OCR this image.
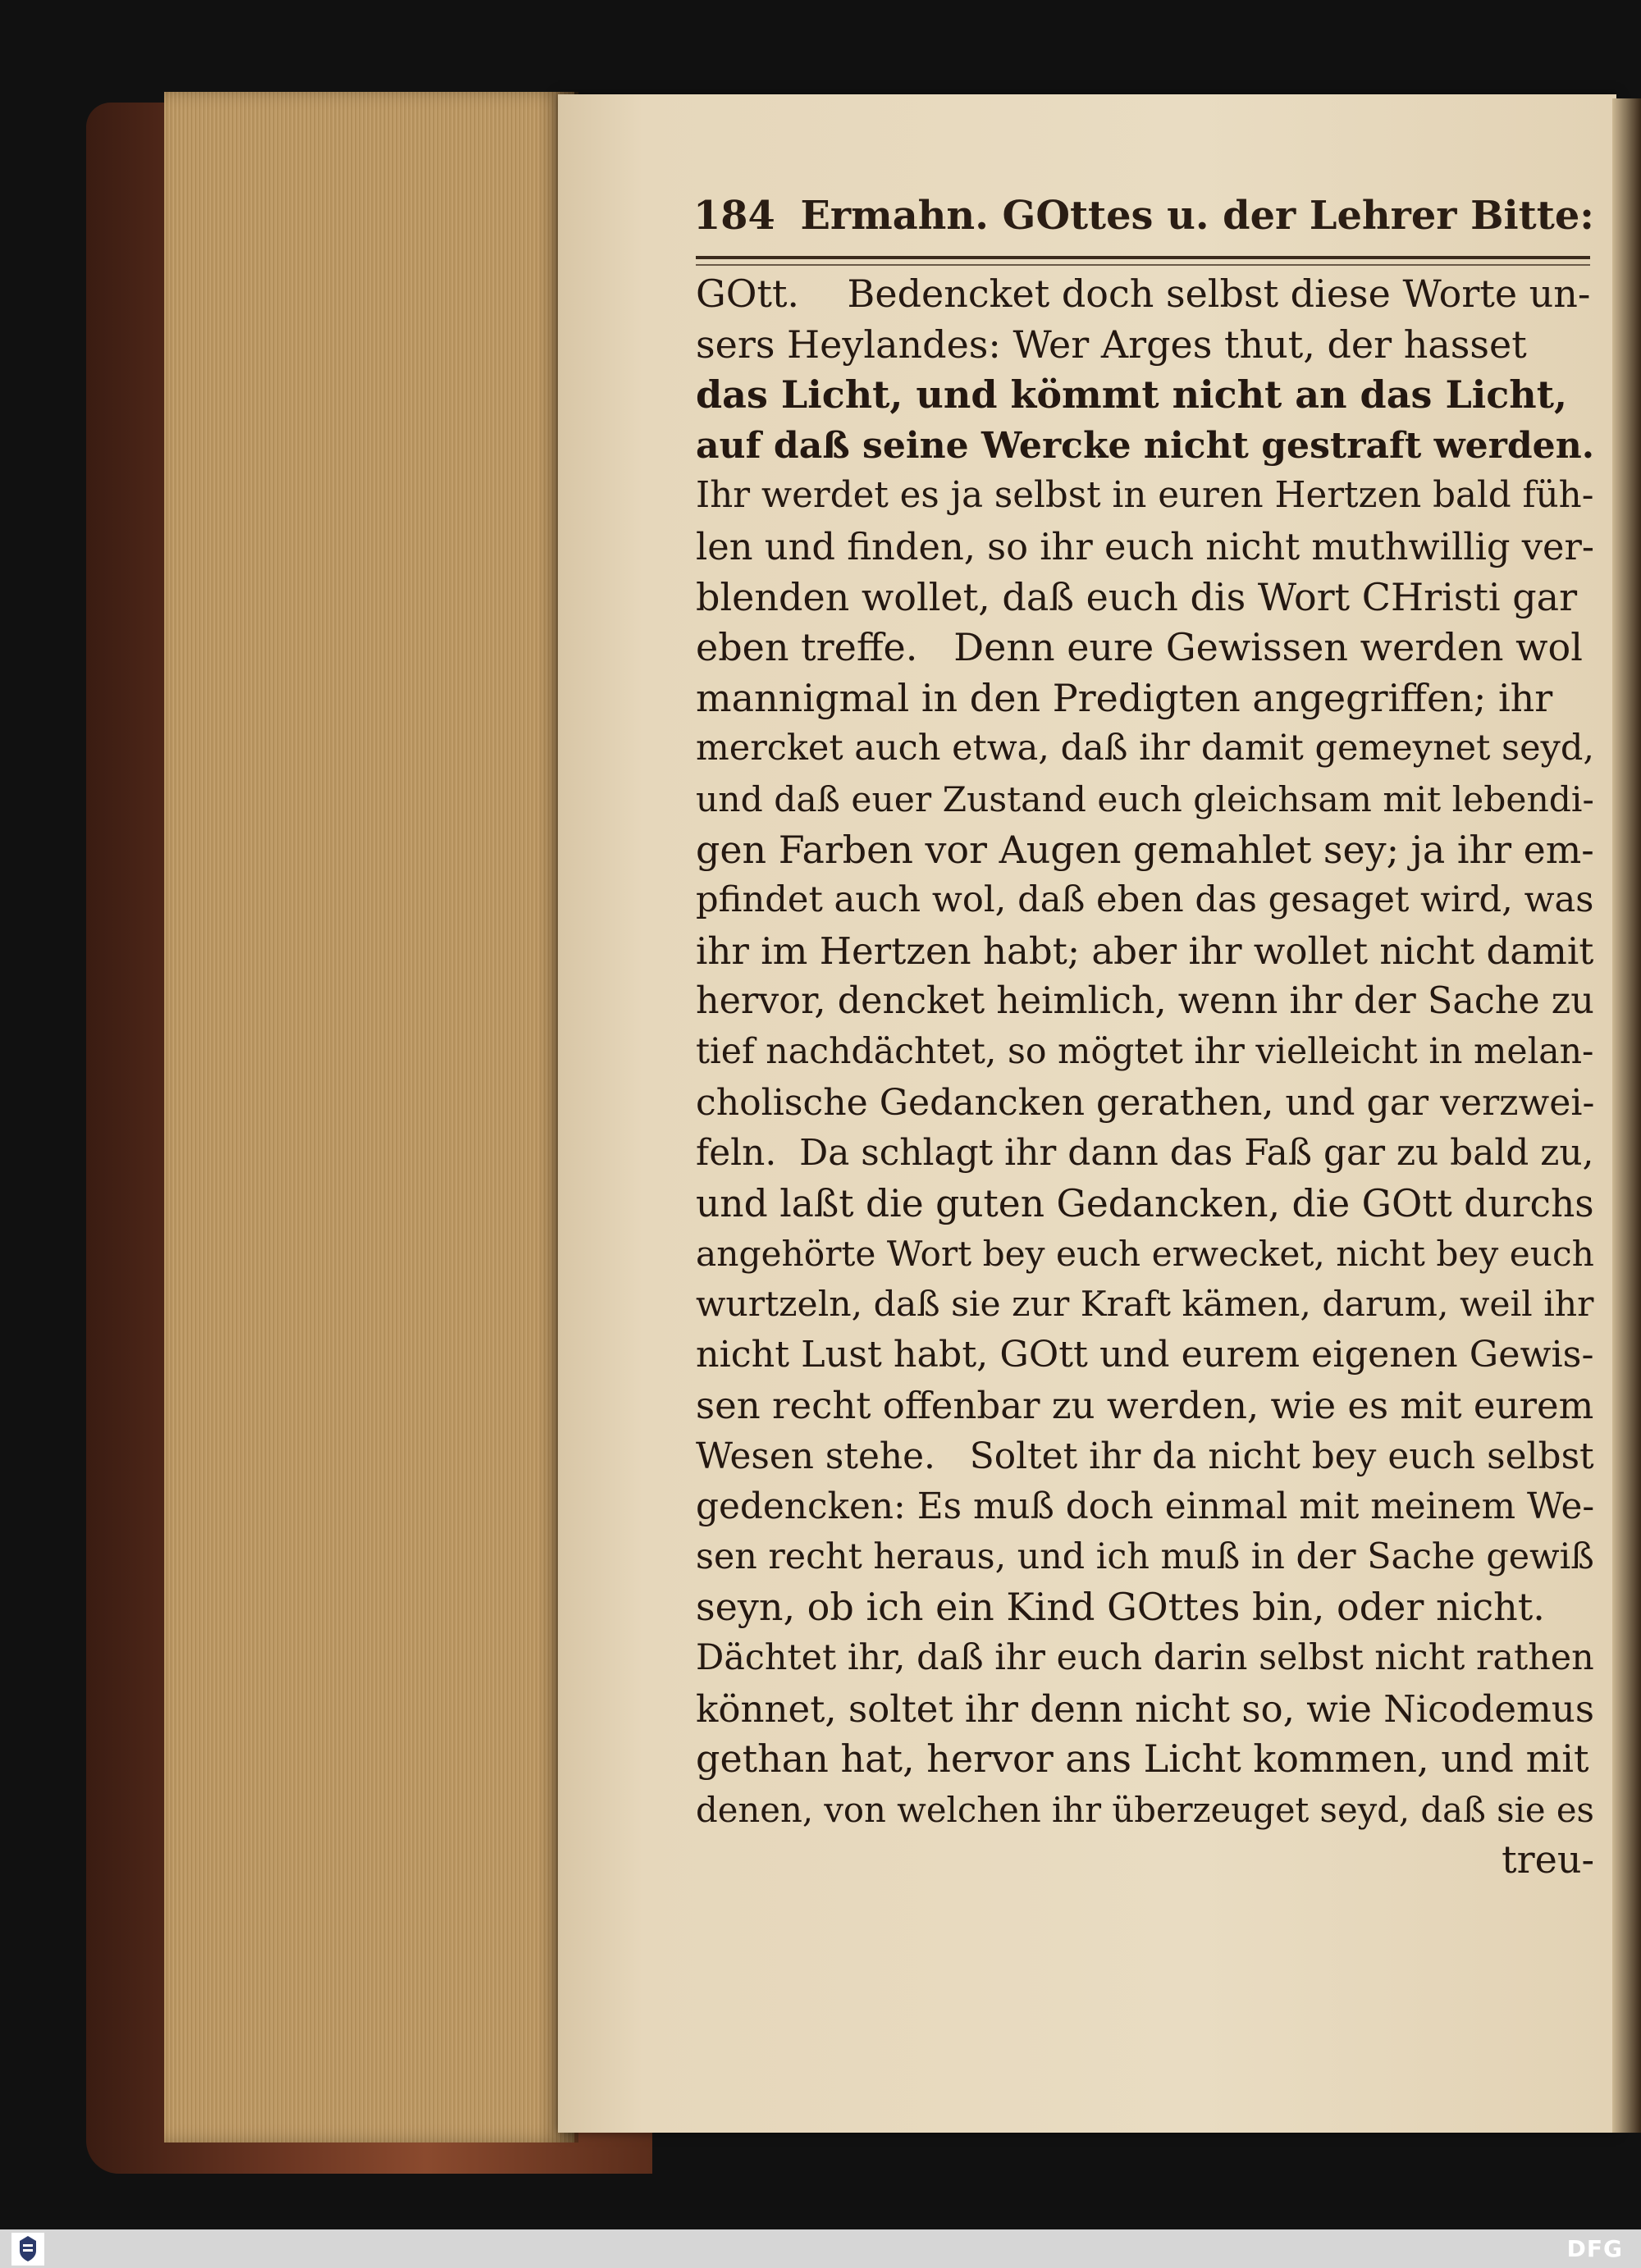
184 Ermahn. GOttes u. der Lehrer Bitte:
GOtt.    Bedencket doch selbst diese Worte un-
sers Heylandes: Wer Arges thut, der hasset
das Licht, und kömmt nicht an das Licht,
auf daß seine Wercke nicht gestraft werden.
Ihr werdet es ja selbst in euren Hertzen bald füh-
len und finden, so ihr euch nicht muthwillig ver-
blenden wollet, daß euch dis Wort CHristi gar
eben treffe.   Denn eure Gewissen werden wol
mannigmal in den Predigten angegriffen; ihr
mercket auch etwa, daß ihr damit gemeynet seyd,
und daß euer Zustand euch gleichsam mit lebendi-
gen Farben vor Augen gemahlet sey; ja ihr em-
pfindet auch wol, daß eben das gesaget wird, was
ihr im Hertzen habt; aber ihr wollet nicht damit
hervor, dencket heimlich, wenn ihr der Sache zu
tief nachdächtet, so mögtet ihr vielleicht in melan-
cholische Gedancken gerathen, und gar verzwei-
feln.  Da schlagt ihr dann das Faß gar zu bald zu,
und laßt die guten Gedancken, die GOtt durchs
angehörte Wort bey euch erwecket, nicht bey euch
wurtzeln, daß sie zur Kraft kämen, darum, weil ihr
nicht Lust habt, GOtt und eurem eigenen Gewis-
sen recht offenbar zu werden, wie es mit eurem
Wesen stehe.   Soltet ihr da nicht bey euch selbst
gedencken: Es muß doch einmal mit meinem We-
sen recht heraus, und ich muß in der Sache gewiß
seyn, ob ich ein Kind GOttes bin, oder nicht.
Dächtet ihr, daß ihr euch darin selbst nicht rathen
könnet, soltet ihr denn nicht so, wie Nicodemus
gethan hat, hervor ans Licht kommen, und mit
denen, von welchen ihr überzeuget seyd, daß sie es
treu-
DFG
